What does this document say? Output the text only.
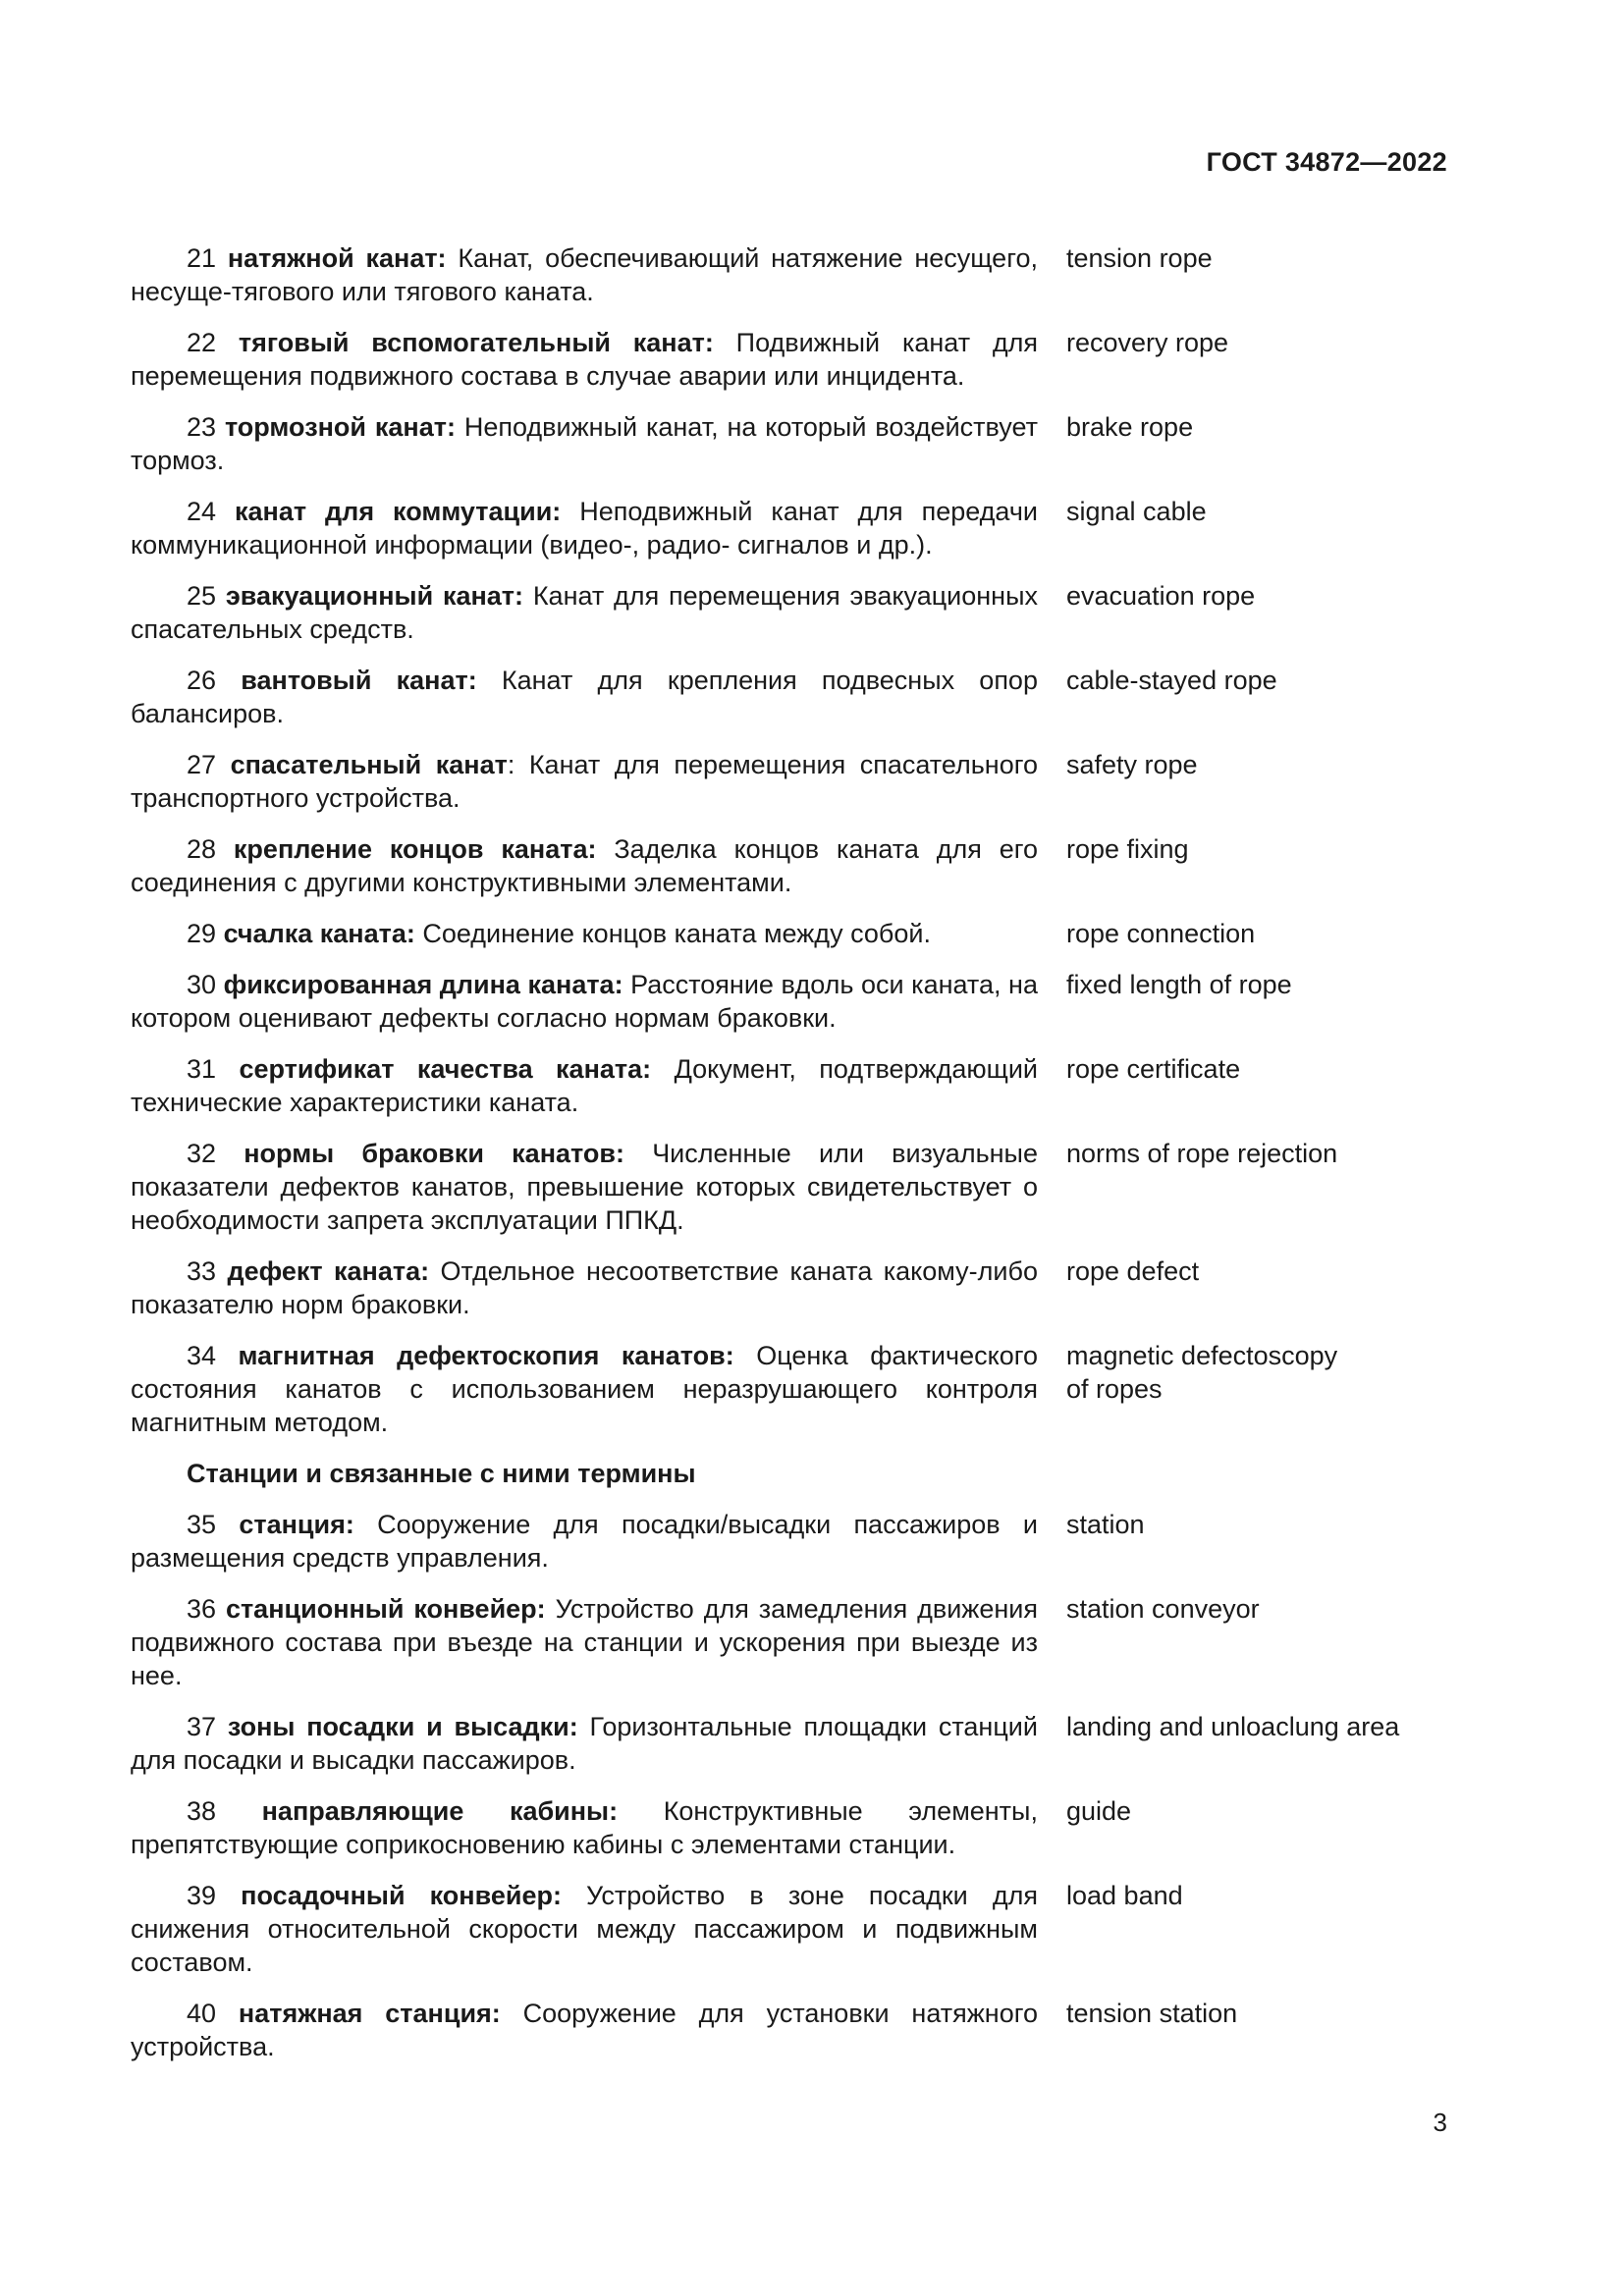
ГОСТ 34872—2022

21 натяжной канат: Канат, обеспечивающий натяжение несущего, несуще-тягового или тягового каната.
tension rope
22 тяговый вспомогательный канат: Подвижный канат для перемещения подвижного состава в случае аварии или инцидента.
recovery rope
23 тормозной канат: Неподвижный канат, на который воздействует тормоз.
brake rope
24 канат для коммутации: Неподвижный канат для передачи коммуникационной информации (видео-, радио- сигналов и др.).
signal cable
25 эвакуационный канат: Канат для перемещения эвакуационных спасательных средств.
evacuation rope
26 вантовый канат: Канат для крепления подвесных опор балансиров.
cable-stayed rope
27 спасательный канат: Канат для перемещения спасательного транспортного устройства.
safety rope
28 крепление концов каната: Заделка концов каната для его соединения с другими конструктивными элементами.
rope fixing
29 счалка каната: Соединение концов каната между собой.	rope connection
30 фиксированная длина каната: Расстояние вдоль оси каната, на котором оценивают дефекты согласно нормам браковки.
fixed length of rope
31 сертификат качества каната: Документ, подтверждающий технические характеристики каната.
rope certificate
32 нормы браковки канатов: Численные или визуальные показатели дефектов канатов, превышение которых свидетельствует о необходимости запрета эксплуатации ППКД.
norms of rope rejection
33 дефект каната: Отдельное несоответствие каната какому-либо показателю норм браковки.
rope defect
34 магнитная дефектоскопия канатов: Оценка фактического состояния канатов с использованием неразрушающего контроля магнитным методом.
magnetic defectoscopy
of ropes

Станции и связанные с ними термины

35 станция: Сооружение для посадки/высадки пассажиров и размещения средств управления.
station
36 станционный конвейер: Устройство для замедления движения подвижного состава при въезде на станции и ускорения при выезде из нее.
station conveyor
37 зоны посадки и высадки: Горизонтальные площадки станций для посадки и высадки пассажиров.
landing and unloaclung area
38 направляющие кабины: Конструктивные элементы, препятствующие соприкосновению кабины с элементами станции.
guide
39 посадочный конвейер: Устройство в зоне посадки для снижения относительной скорости между пассажиром и подвижным составом.
load band
40 натяжная станция: Сооружение для установки натяжного устройства.
tension station

3
